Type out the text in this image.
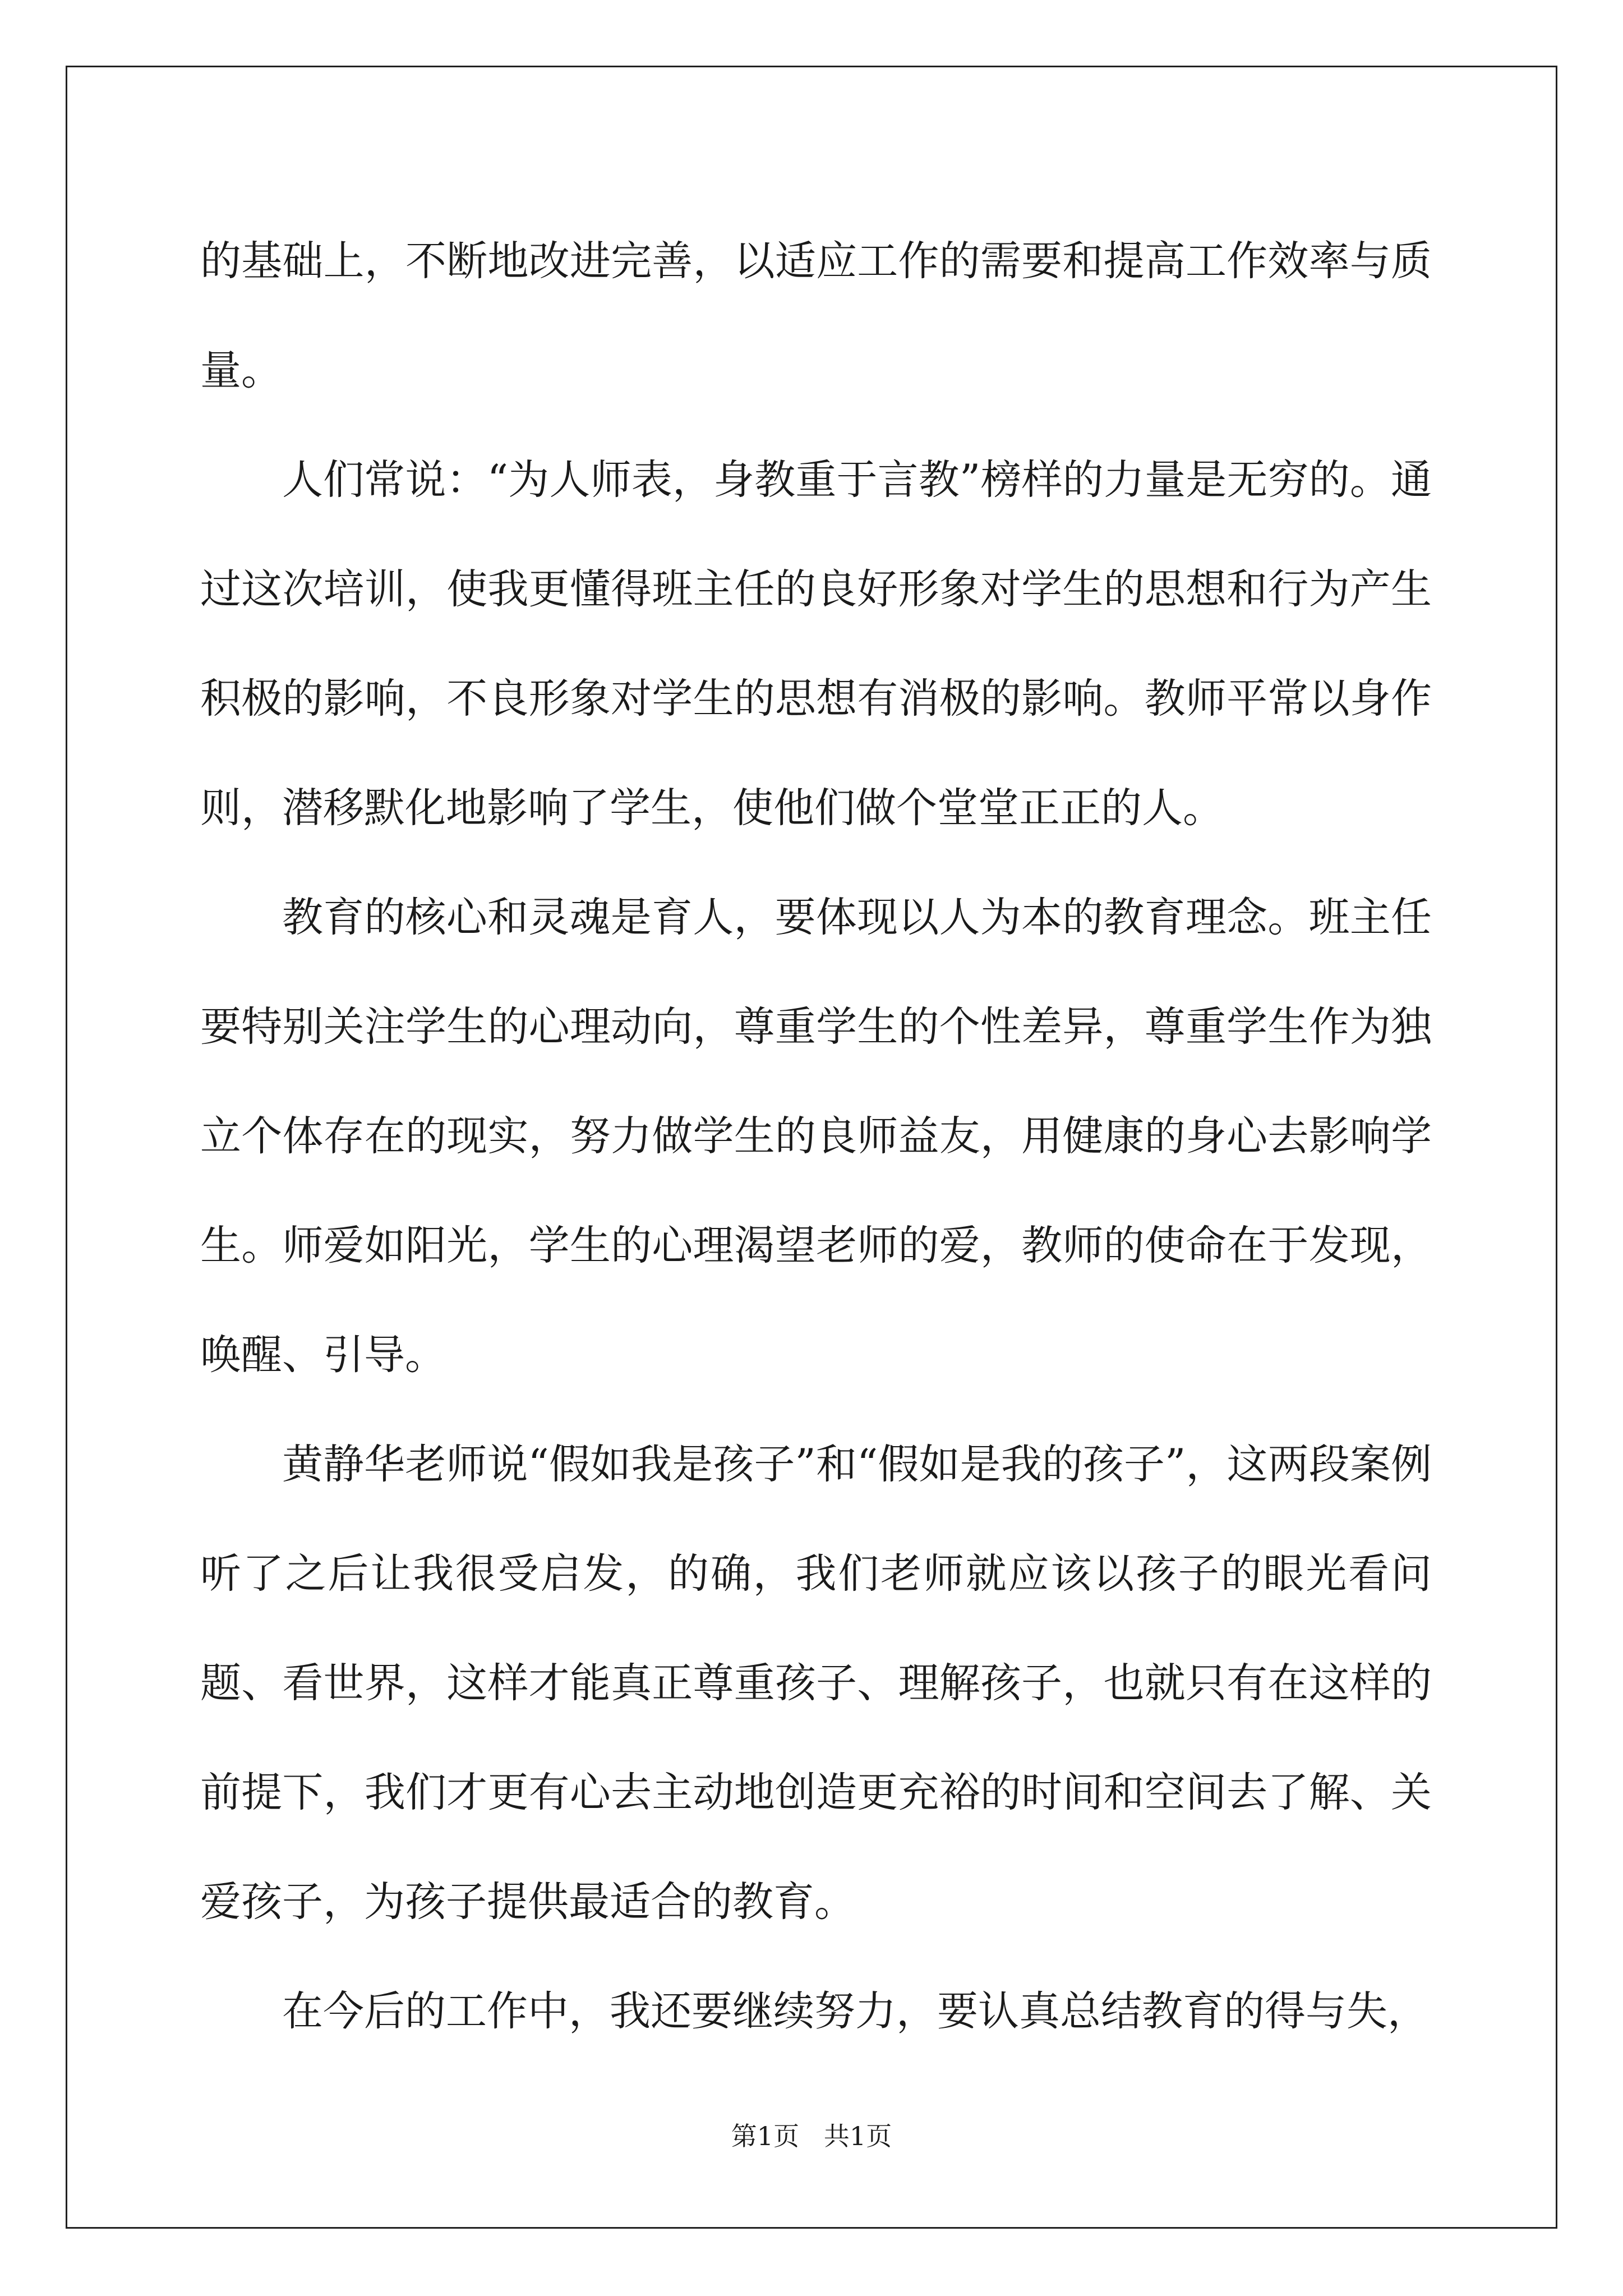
的基础上，不断地改进完善，以适应工作的需要和提高工作效率与质量。

人们常说：“为人师表，身教重于言教”榜样的力量是无穷的。通过这次培训，使我更懂得班主任的良好形象对学生的思想和行为产生积极的影响，不良形象对学生的思想有消极的影响。教师平常以身作则，潜移默化地影响了学生，使他们做个堂堂正正的人。

教育的核心和灵魂是育人，要体现以人为本的教育理念。班主任要特别关注学生的心理动向，尊重学生的个性差异，尊重学生作为独立个体存在的现实，努力做学生的良师益友，用健康的身心去影响学生。师爱如阳光，学生的心理渴望老师的爱，教师的使命在于发现，唤醒、引导。

黄静华老师说“假如我是孩子”和“假如是我的孩子”，这两段案例听了之后让我很受启发，的确，我们老师就应该以孩子的眼光看问题、看世界，这样才能真正尊重孩子、理解孩子，也就只有在这样的前提下，我们才更有心去主动地创造更充裕的时间和空间去了解、关爱孩子，为孩子提供最适合的教育。

在今后的工作中，我还要继续努力，要认真总结教育的得与失，

第1页   共1页
